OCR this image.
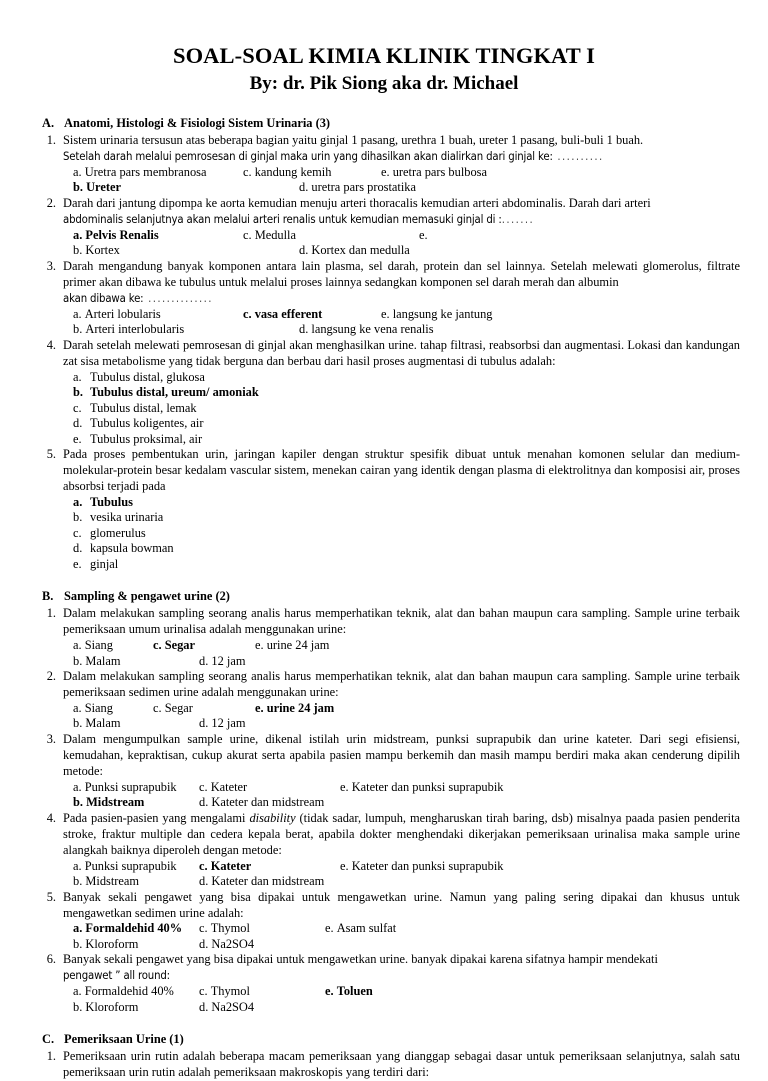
SOAL-SOAL KIMIA KLINIK TINGKAT I
By: dr. Pik Siong aka dr. Michael
A. Anatomi, Histologi & Fisiologi Sistem Urinaria (3)
1. Sistem urinaria tersusun atas beberapa bagian yaitu ginjal 1 pasang, urethra 1 buah, ureter 1 pasang, buli-buli 1 buah.
Setelah darah melalui pemrosesan di ginjal maka urin yang dihasilkan akan dialirkan dari ginjal ke: ..........
a. Uretra pars membranosa	c. kandung kemih	e. uretra pars bulbosa
b. Ureter	d. uretra pars prostatika
2. Darah dari jantung dipompa ke aorta kemudian menuju arteri thoracalis kemudian arteri abdominalis. Darah dari arteri
abdominalis selanjutnya akan melalui arteri renalis untuk kemudian memasuki ginjal di :.......
a. Pelvis Renalis	c. Medulla	e.
b. Kortex	d. Kortex dan medulla
3. Darah mengandung banyak komponen antara lain plasma, sel darah, protein dan sel lainnya. Setelah melewati glomerolus, filtrate primer akan dibawa ke tubulus untuk melalui proses lainnya sedangkan komponen sel darah merah dan albumin
akan dibawa ke: ..............
a. Arteri lobularis	c. vasa efferent	e. langsung ke jantung
b. Arteri interlobularis	d. langsung ke vena renalis
4. Darah setelah melewati pemrosesan di ginjal akan menghasilkan urine. tahap filtrasi, reabsorbsi dan augmentasi. Lokasi dan kandungan zat sisa metabolisme yang tidak berguna dan berbau dari hasil proses augmentasi di tubulus adalah:
a. Tubulus distal, glukosa
b. Tubulus distal, ureum/ amoniak
c. Tubulus distal, lemak
d. Tubulus koligentes, air
e. Tubulus proksimal, air
5. Pada proses pembentukan urin, jaringan kapiler dengan struktur spesifik dibuat untuk menahan komonen selular dan medium-molekular-protein besar kedalam vascular sistem, menekan cairan yang identik dengan plasma di elektrolitnya dan komposisi air, proses absorbsi terjadi pada
a. Tubulus
b. vesika urinaria
c. glomerulus
d. kapsula bowman
e. ginjal
B. Sampling & pengawet urine (2)
1. Dalam melakukan sampling seorang analis harus memperhatikan teknik, alat dan bahan maupun cara sampling. Sample urine terbaik pemeriksaan umum urinalisa adalah menggunakan urine:
a. Siang	c. Segar	e. urine 24 jam
b. Malam	d. 12 jam
2. Dalam melakukan sampling seorang analis harus memperhatikan teknik, alat dan bahan maupun cara sampling. Sample urine terbaik pemeriksaan sedimen urine adalah menggunakan urine:
a. Siang	c. Segar	e. urine 24 jam
b. Malam	d. 12 jam
3. Dalam mengumpulkan sample urine, dikenal istilah urin midstream, punksi suprapubik dan urine kateter. Dari segi efisiensi, kemudahan, kepraktisan, cukup akurat serta apabila pasien mampu berkemih dan masih mampu berdiri maka akan cenderung dipilih metode:
a. Punksi suprapubik c. Kateter	e. Kateter dan punksi suprapubik
b. Midstream	d. Kateter dan midstream
4. Pada pasien-pasien yang mengalami disability (tidak sadar, lumpuh, mengharuskan tirah baring, dsb) misalnya paada pasien penderita stroke, fraktur multiple dan cedera kepala berat, apabila dokter menghendaki dikerjakan pemeriksaan urinalisa maka sample urine alangkah baiknya diperoleh dengan metode:
a. Punksi suprapubik c. Kateter	e. Kateter dan punksi suprapubik
b. Midstream	d. Kateter dan midstream
5. Banyak sekali pengawet yang bisa dipakai untuk mengawetkan urine. Namun yang paling sering dipakai dan khusus untuk mengawetkan sedimen urine adalah:
a. Formaldehid 40% c. Thymol	e. Asam sulfat
b. Kloroform	d. Na2SO4
6. Banyak sekali pengawet yang bisa dipakai untuk mengawetkan urine. banyak dipakai karena sifatnya hampir mendekati
pengawet ” all round:
a. Formaldehid 40% c. Thymol	e. Toluen
b. Kloroform	d. Na2SO4
C. Pemeriksaan Urine (1)
1. Pemeriksaan urin rutin adalah beberapa macam pemeriksaan yang dianggap sebagai dasar untuk pemeriksaan selanjutnya, salah satu pemeriksaan urin rutin adalah pemeriksaan makroskopis yang terdiri dari:
